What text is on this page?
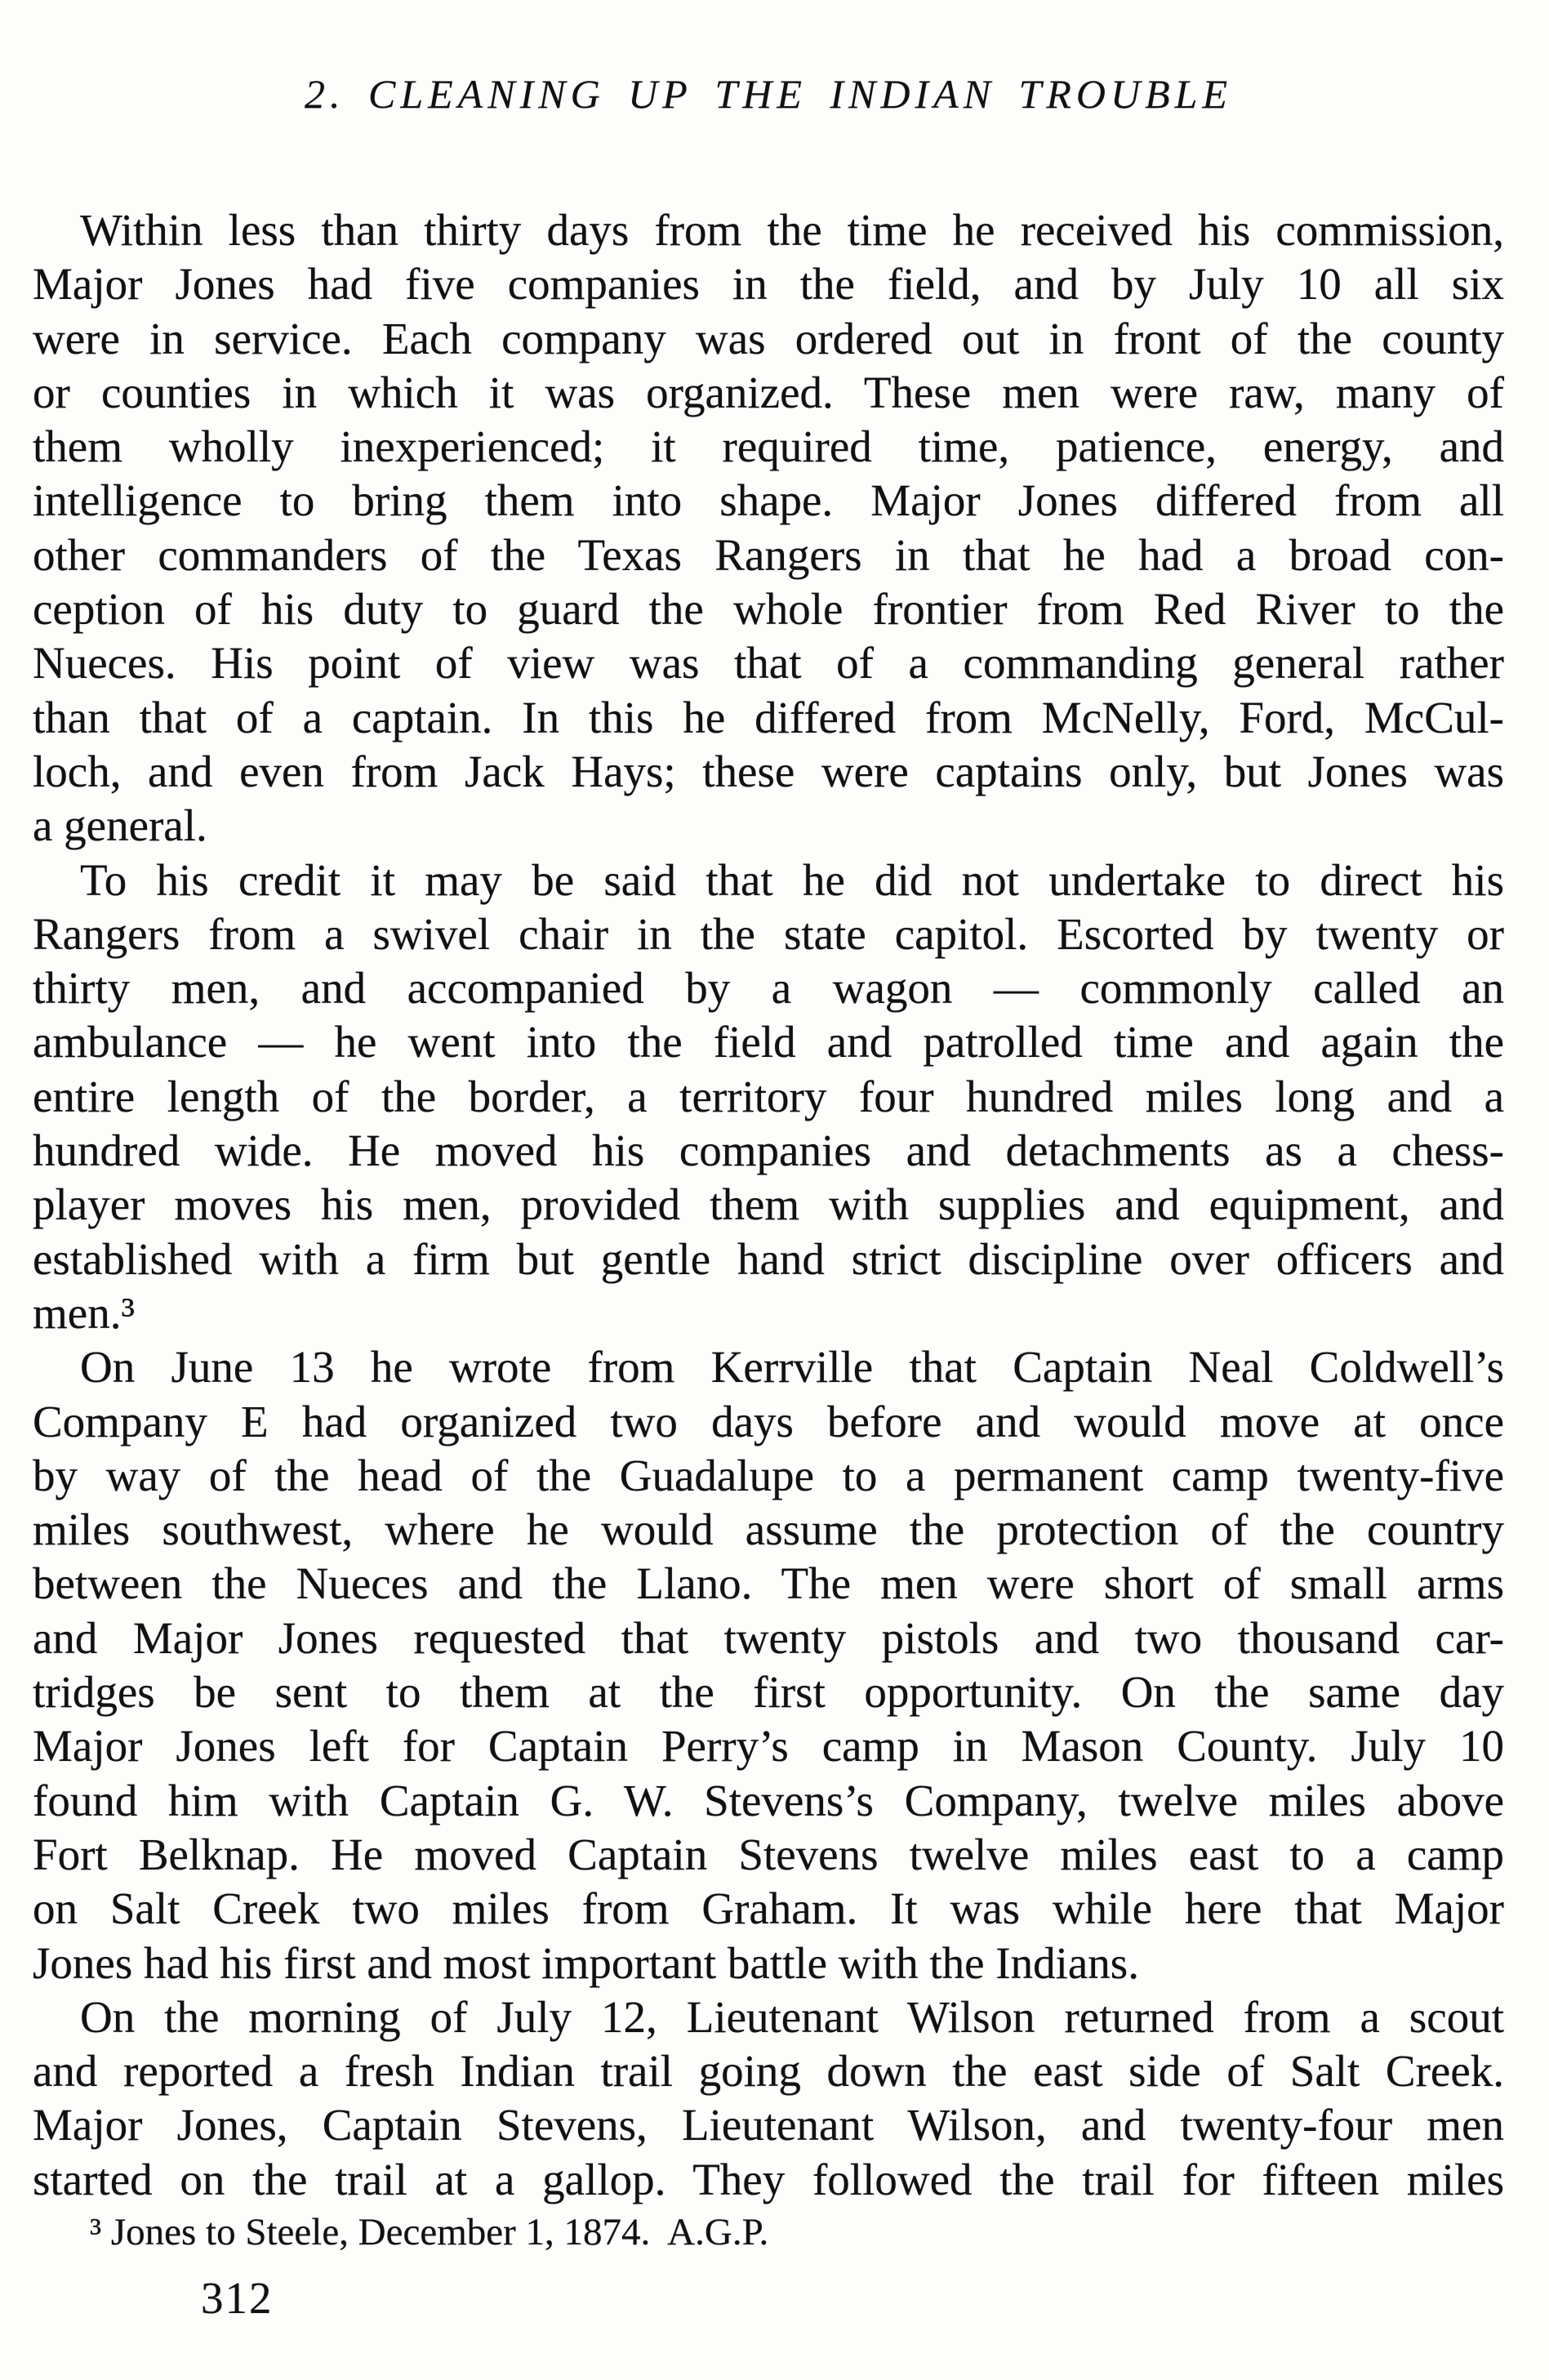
2. CLEANING UP THE INDIAN TROUBLE
Within less than thirty days from the time he received his commission,
Major Jones had five companies in the field, and by July 10 all six
were in service. Each company was ordered out in front of the county
or counties in which it was organized. These men were raw, many of
them wholly inexperienced; it required time, patience, energy, and
intelligence to bring them into shape. Major Jones differed from all
other commanders of the Texas Rangers in that he had a broad con-
ception of his duty to guard the whole frontier from Red River to the
Nueces. His point of view was that of a commanding general rather
than that of a captain. In this he differed from McNelly, Ford, McCul-
loch, and even from Jack Hays; these were captains only, but Jones was
a general.
To his credit it may be said that he did not undertake to direct his
Rangers from a swivel chair in the state capitol. Escorted by twenty or
thirty men, and accompanied by a wagon — commonly called an
ambulance — he went into the field and patrolled time and again the
entire length of the border, a territory four hundred miles long and a
hundred wide. He moved his companies and detachments as a chess-
player moves his men, provided them with supplies and equipment, and
established with a firm but gentle hand strict discipline over officers and
men.³
On June 13 he wrote from Kerrville that Captain Neal Coldwell’s
Company E had organized two days before and would move at once
by way of the head of the Guadalupe to a permanent camp twenty-five
miles southwest, where he would assume the protection of the country
between the Nueces and the Llano. The men were short of small arms
and Major Jones requested that twenty pistols and two thousand car-
tridges be sent to them at the first opportunity. On the same day
Major Jones left for Captain Perry’s camp in Mason County. July 10
found him with Captain G. W. Stevens’s Company, twelve miles above
Fort Belknap. He moved Captain Stevens twelve miles east to a camp
on Salt Creek two miles from Graham. It was while here that Major
Jones had his first and most important battle with the Indians.
On the morning of July 12, Lieutenant Wilson returned from a scout
and reported a fresh Indian trail going down the east side of Salt Creek.
Major Jones, Captain Stevens, Lieutenant Wilson, and twenty-four men
started on the trail at a gallop. They followed the trail for fifteen miles
³ Jones to Steele, December 1, 1874.  A.G.P.
312
